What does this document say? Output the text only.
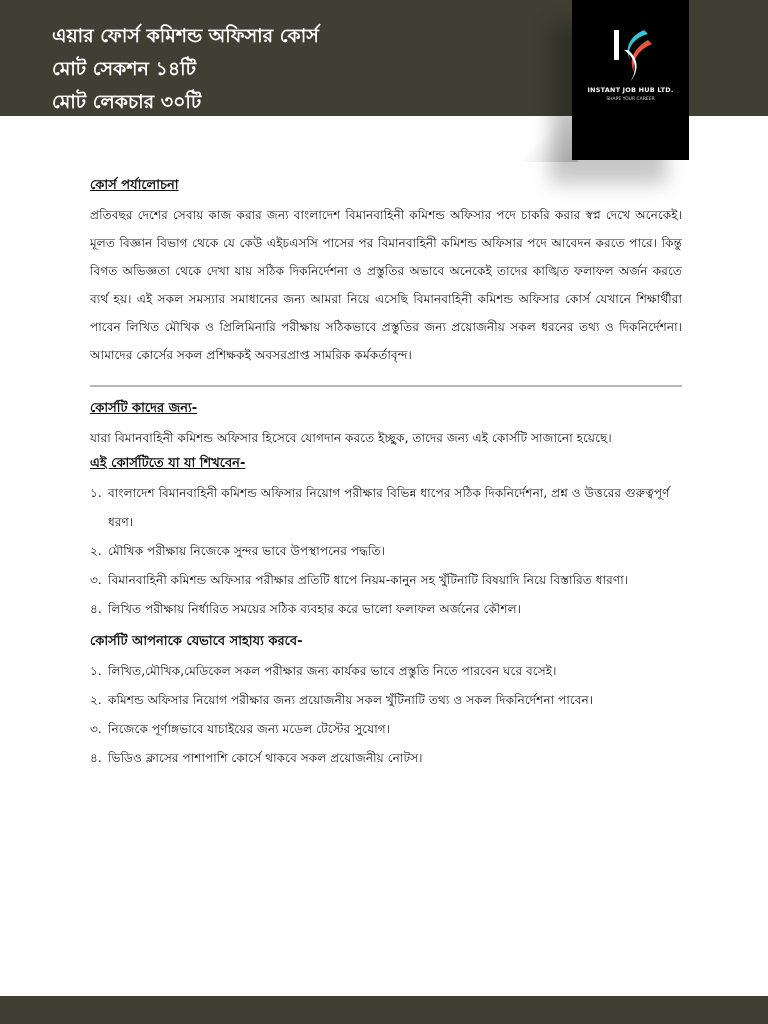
এয়ার ফোর্স কমিশন্ড অফিসার কোর্স
মোট সেকশন ১৪টি
মোট লেকচার ৩০টি
INSTANT JOB HUB LTD.
SHAPE YOUR CAREER
কোর্স পর্যালোচনা

প্রতিবছর দেশের সেবায় কাজ করার জন্য বাংলাদেশ বিমানবাহিনী কমিশন্ড অফিসার পদে চাকরি করার স্বপ্ন দেখে অনেকেই। মূলত বিজ্ঞান বিভাগ থেকে যে কেউ এইচএসসি পাসের পর বিমানবাহিনী কমিশন্ড অফিসার পদে আবেদন করতে পারে। কিন্তু বিগত অভিজ্ঞতা থেকে দেখা যায় সঠিক দিকনির্দেশনা ও প্রস্তুতির অভাবে অনেকেই তাদের কাঙ্খিত ফলাফল অর্জন করতে ব্যর্থ হয়। এই সকল সমস্যার সমাধানের জন্য আমরা নিয়ে এসেছি বিমানবাহিনী কমিশন্ড অফিসার কোর্স যেখানে শিক্ষার্থীরা পাবেন লিখিত মৌখিক ও প্রিলিমিনারি পরীক্ষায় সঠিকভাবে প্রস্তুতির জন্য প্রয়োজনীয় সকল ধরনের তথ্য ও দিকনির্দেশনা। আমাদের কোর্সের সকল প্রশিক্ষকই অবসরপ্রাপ্ত সামরিক কর্মকর্তাবৃন্দ।

কোর্সটি কাদের জন্য-

যারা বিমানবাহিনী কমিশন্ড অফিসার হিসেবে যোগদান করতে ইচ্ছুক, তাদের জন্য এই কোর্সটি সাজানো হয়েছে।

এই কোর্সটিতে যা যা শিখবেন-
১. বাংলাদেশ বিমানবাহিনী কমিশন্ড অফিসার নিয়োগ পরীক্ষার বিভিন্ন ধাপের সঠিক দিকনির্দেশনা, প্রশ্ন ও উত্তরের গুরুত্বপূর্ণ ধরণ।
২. মৌখিক পরীক্ষায় নিজেকে সুন্দর ভাবে উপস্থাপনের পদ্ধতি।
৩. বিমানবাহিনী কমিশন্ড অফিসার পরীক্ষার প্রতিটি ধাপে নিয়ম-কানুন সহ খুঁটিনাটি বিষয়াদি নিয়ে বিস্তারিত ধারণা।
৪. লিখিত পরীক্ষায় নির্ধারিত সময়ের সঠিক ব্যবহার করে ভালো ফলাফল অর্জনের কৌশল।
কোর্সটি আপনাকে যেভাবে সাহায্য করবে-
১. লিখিত,মৌখিক,মেডিকেল সকল পরীক্ষার জন্য কার্যকর ভাবে প্রস্তুতি নিতে পারবেন ঘরে বসেই।
২. কমিশন্ড অফিসার নিয়োগ পরীক্ষার জন্য প্রয়োজনীয় সকল খুঁটিনাটি তথ্য ও সকল দিকনির্দেশনা পাবেন।
৩. নিজেকে পূর্ণাঙ্গভাবে যাচাইয়ের জন্য মডেল টেস্টের সুযোগ।
৪. ভিডিও ক্লাসের পাশাপাশি কোর্সে থাকবে সকল প্রয়োজনীয় নোটস।
